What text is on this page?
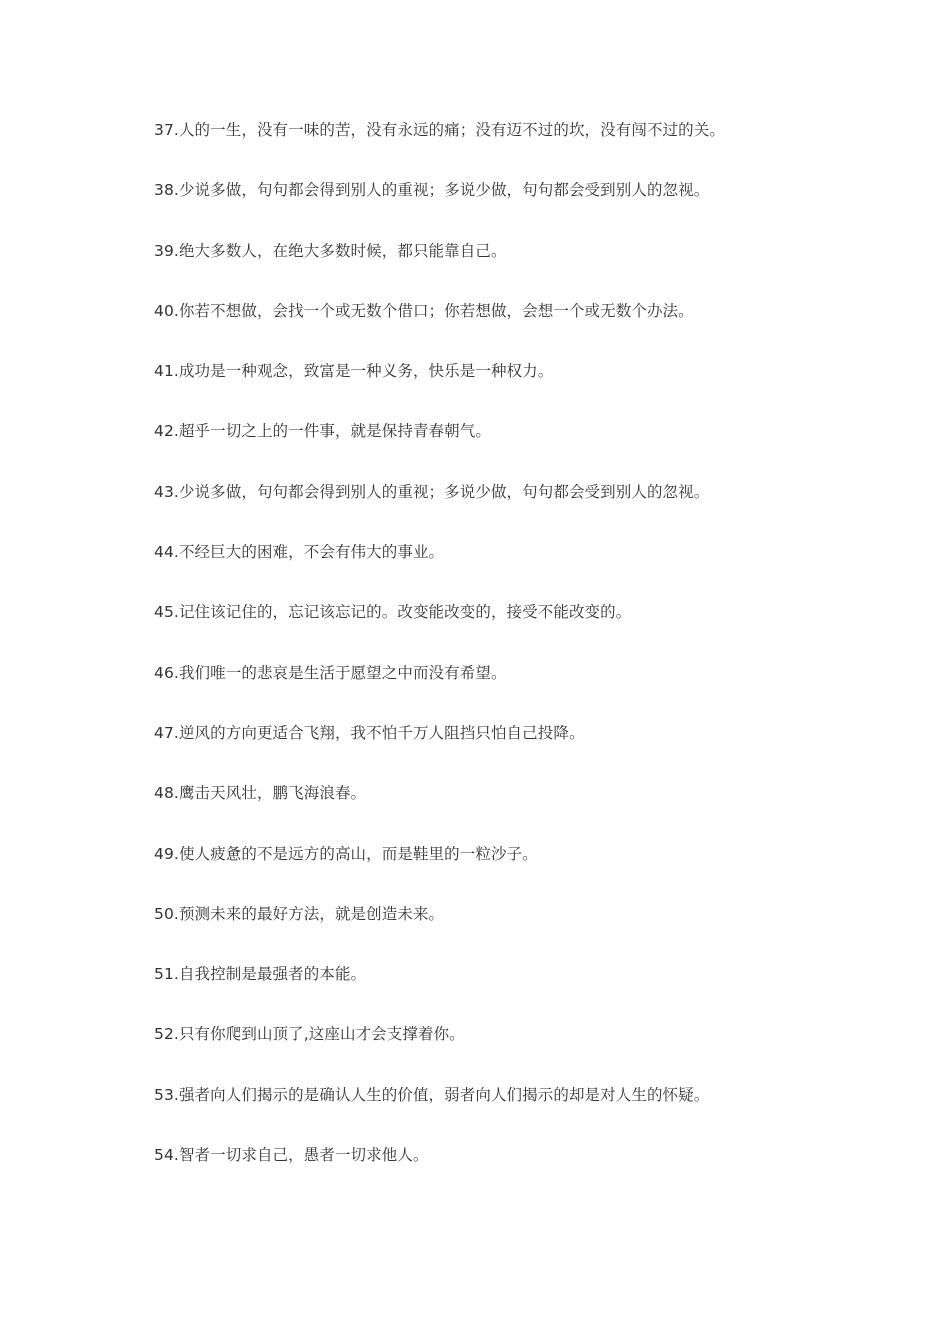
37.人的一生，没有一味的苦，没有永远的痛；没有迈不过的坎，没有闯不过的关。
38.少说多做，句句都会得到别人的重视；多说少做，句句都会受到别人的忽视。
39.绝大多数人，在绝大多数时候，都只能靠自己。
40.你若不想做，会找一个或无数个借口；你若想做，会想一个或无数个办法。
41.成功是一种观念，致富是一种义务，快乐是一种权力。
42.超乎一切之上的一件事，就是保持青春朝气。
43.少说多做，句句都会得到别人的重视；多说少做，句句都会受到别人的忽视。
44.不经巨大的困难，不会有伟大的事业。
45.记住该记住的，忘记该忘记的。改变能改变的，接受不能改变的。
46.我们唯一的悲哀是生活于愿望之中而没有希望。
47.逆风的方向更适合飞翔，我不怕千万人阻挡只怕自己投降。
48.鹰击天风壮，鹏飞海浪春。
49.使人疲惫的不是远方的高山，而是鞋里的一粒沙子。
50.预测未来的最好方法，就是创造未来。
51.自我控制是最强者的本能。
52.只有你爬到山顶了,这座山才会支撑着你。
53.强者向人们揭示的是确认人生的价值，弱者向人们揭示的却是对人生的怀疑。
54.智者一切求自己，愚者一切求他人。
